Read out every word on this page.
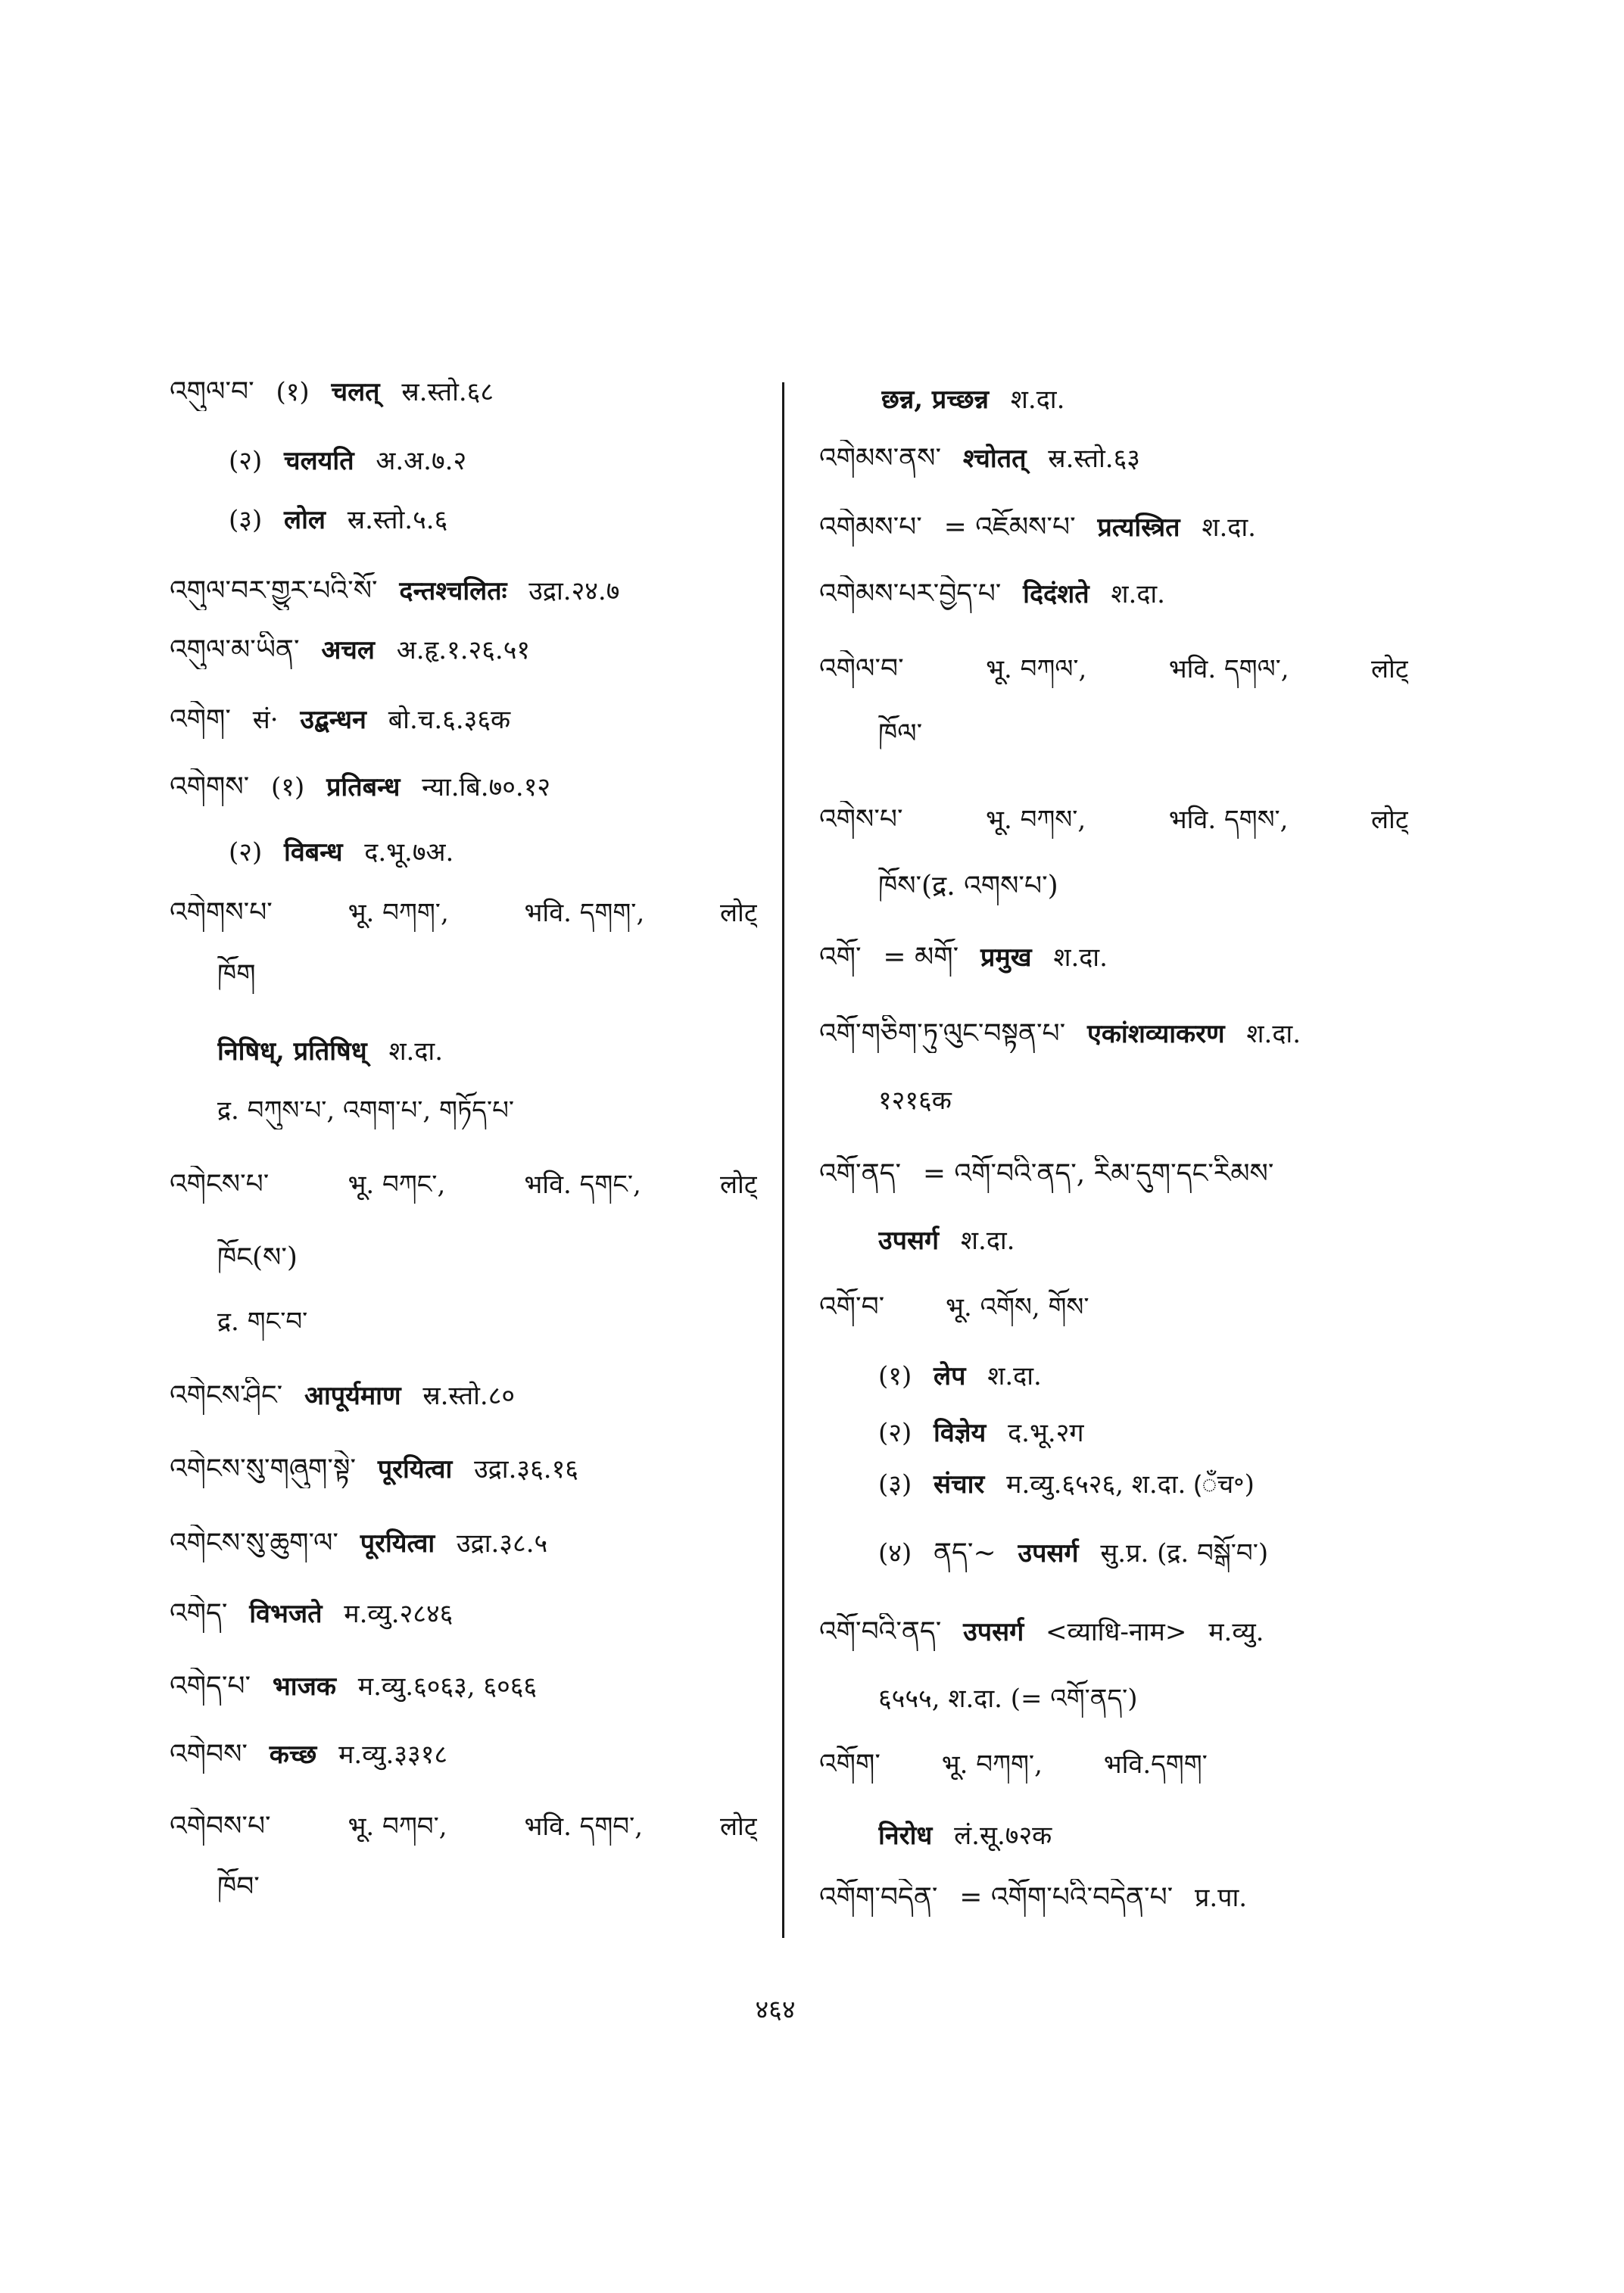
འགུལ་བ་ (१) चलत् स्र.स्तो.६८
(२) चलयति अ.अ.७.२
(३) लोल स्र.स्तो.५.६
འགུལ་བར་གྱུར་པའི་སོ་ दन्तश्चलितः उद्रा.२४.७
འགུལ་མ་ཡིན་ अचल अ.हृ.१.२६.५१
འགེག་ सं· उद्बन्धन बो.च.६.३६क
འགེགས་ (१) प्रतिबन्ध न्या.बि.७०.१२
(२) विबन्ध द.भू.७अ.
འགེགས་པ་	भू. བཀག་,	भवि. དགག་,	लोट्
ཁོག
निषिध्, प्रतिषिध् श.दा.
द्र. བཀུས་པ་, འགག་པ་, གཏོད་པ་
འགེངས་པ་	भू. བཀང་,	भवि. དགང་,	लोट्
ཁོང(ས་)
द्र. གང་བ་
འགེངས་ཤིང་ आपूर्यमाण स्र.स्तो.८०
འགེངས་སུ་གཞུག་སྟེ་ पूरयित्वा उद्रा.३६.१६
འགེངས་སུ་ཆུག་ལ་ पूरयित्वा उद्रा.३८.५
འགེད་ विभजते म.व्यु.२८४६
འགེད་པ་ भाजक म.व्यु.६०६३, ६०६६
འགེབས་ कच्छ म.व्यु.३३१८
འགེབས་པ་	भू. བཀབ་,	भवि. དགབ་,	लोट्
ཁོབ་
छन्न, प्रच्छन्न श.दा.
འགེམས་ནས་ श्चोतत् स्र.स्तो.६३
འགེམས་པ་ = འཇོམས་པ་ प्रत्यस्त्रित श.दा.
འགེམས་པར་བྱེད་པ་ दिदंशते श.दा.
འགེལ་བ་	भू. བཀལ་,	भवि. དགལ་,	लोट्
ཁོལ་
འགེས་པ་	भू. བཀས་,	भवि. དགས་,	लोट्
ཁོས་(द्र. འགས་པ་)
འགོ་ = མགོ་ प्रमुख श.दा.
འགོ་གཅིག་ཏུ་ལུང་བསྟན་པ་ एकांशव्याकरण श.दा.
१२१६क
འགོ་ནད་ = འགོ་བའི་ནད་, རིམ་དུག་དང་རིམས་
उपसर्ग श.दा.
འགོ་བ་ भू. འགོས, གོས་
(१) लेप श.दा.
(२) विज्ञेय द.भू.२ग
(३) संचार म.व्यु.६५२६, श.दा. (ँच॰)
(४) ནད་~ उपसर्ग सु.प्र. (द्र. བསྒོ་བ་)
འགོ་བའི་ནད་ उपसर्ग <व्याधि-नाम> म.व्यु.
६५५५, श.दा. (= འགོ་ནད་)
འགོག་ भू. བཀག་, भवि.དགག་
निरोध लं.सू.७२क
འགོག་བདེན་ = འགོག་པའི་བདེན་པ་ प्र.पा.
४६४
